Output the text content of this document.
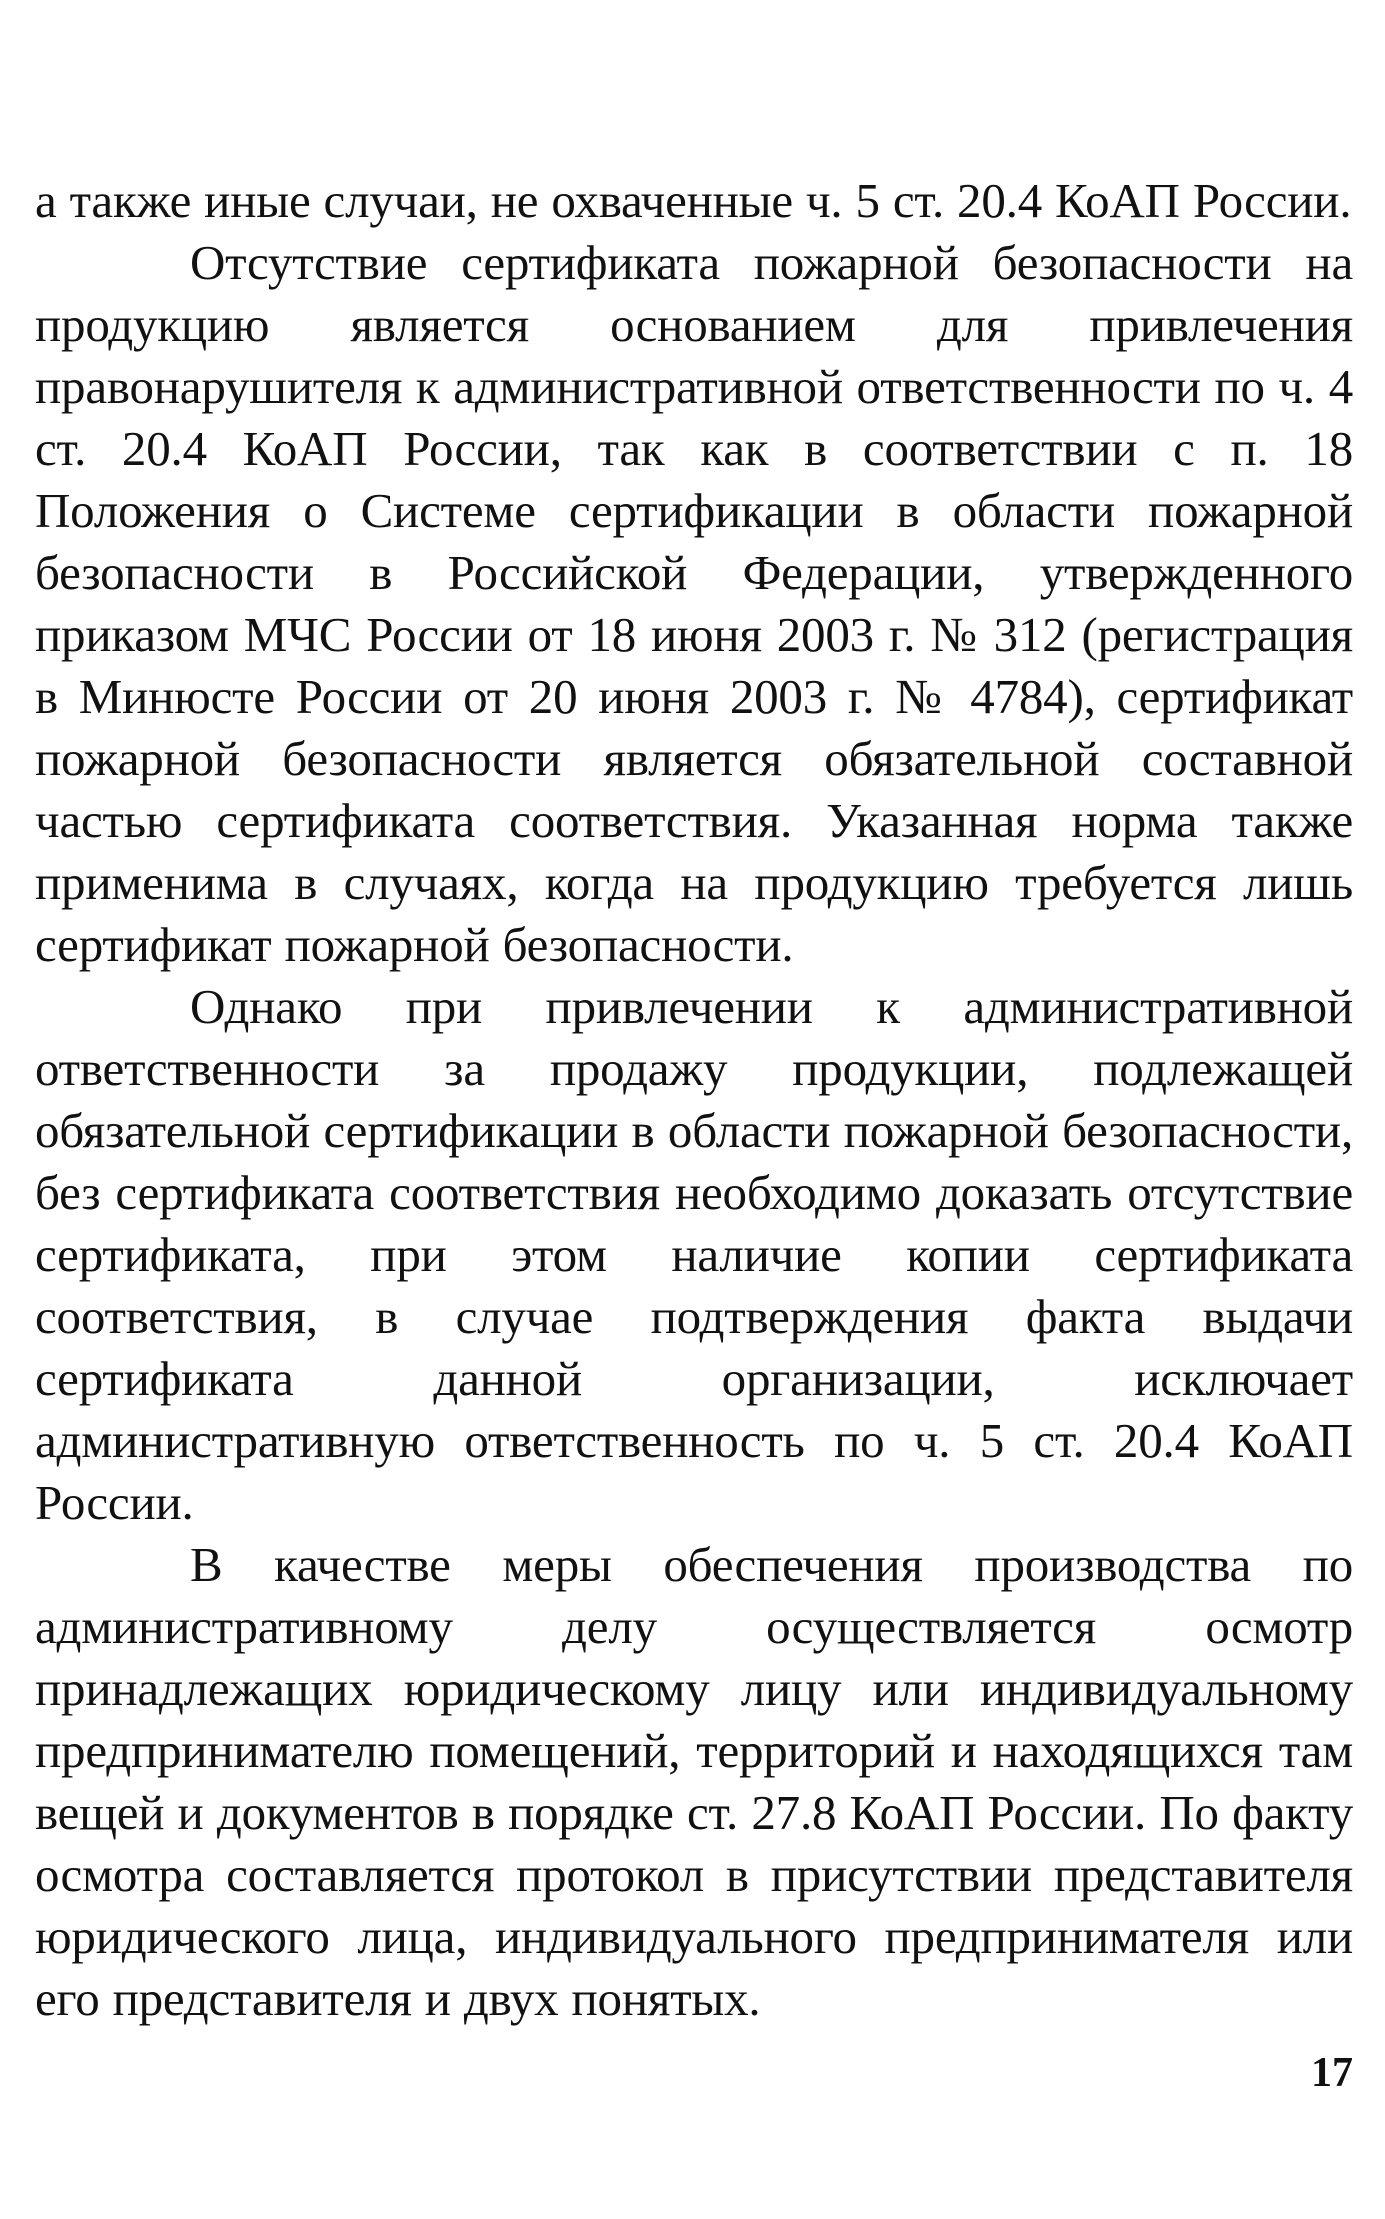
а также иные случаи, не охваченные ч. 5 ст. 20.4 КоАП России.

Отсутствие сертификата пожарной безопасности на продукцию является основанием для привлечения правонарушителя к административной ответственности по ч. 4 ст. 20.4 КоАП России, так как в соответствии с п. 18 Положения о Системе сертификации в области пожарной безопасности в Российской Федерации, утвержденного приказом МЧС России от 18 июня 2003 г. № 312 (регистрация в Минюсте России от 20 июня 2003 г. № 4784), сертификат пожарной безопасности является обязательной составной частью сертификата соответствия. Указанная норма также применима в случаях, когда на продукцию требуется лишь сертификат пожарной безопасности.

Однако при привлечении к административной ответственности за продажу продукции, подлежащей обязательной сертификации в области пожарной безопасности, без сертификата соответствия необходимо доказать отсутствие сертификата, при этом наличие копии сертификата соответствия, в случае подтверждения факта выдачи сертификата данной организации, исключает административную ответственность по ч. 5 ст. 20.4 КоАП России.

В качестве меры обеспечения производства по административному делу осуществляется осмотр принадлежащих юридическому лицу или индивидуальному предпринимателю помещений, территорий и находящихся там вещей и документов в порядке ст. 27.8 КоАП России. По факту осмотра составляется протокол в присутствии представителя юридического лица, индивидуального предпринимателя или его представителя и двух понятых.

17
